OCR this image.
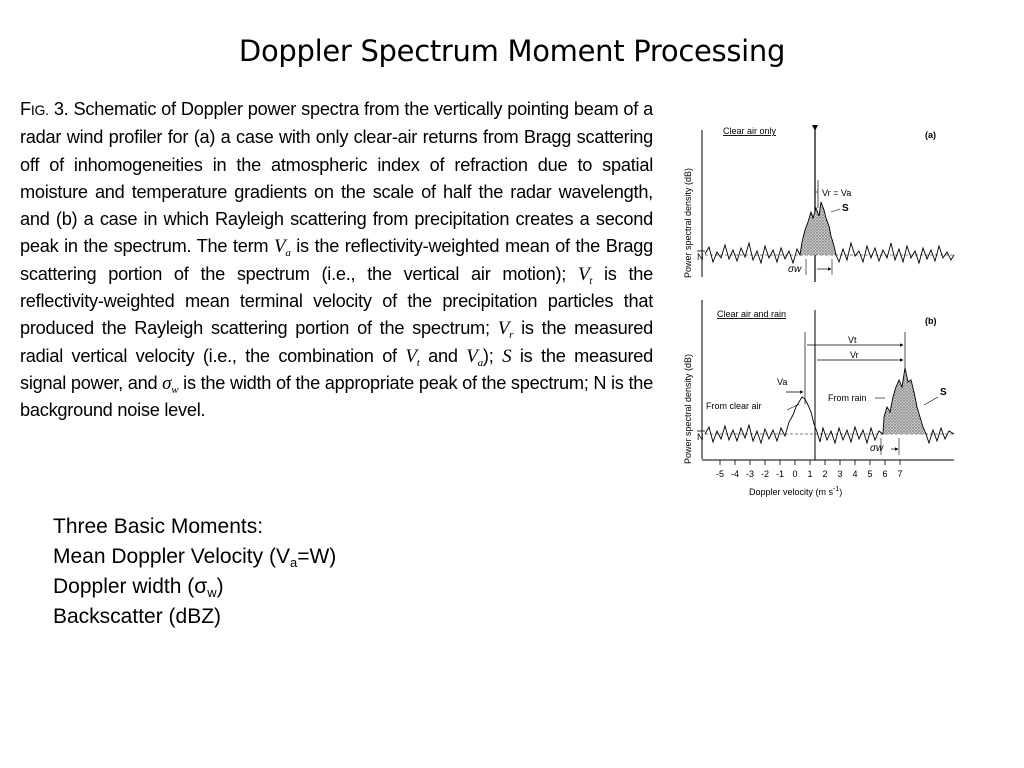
Doppler Spectrum Moment Processing
FIG. 3. Schematic of Doppler power spectra from the vertically pointing beam of a radar wind profiler for (a) a case with only clear-air returns from Bragg scattering off of inhomogeneities in the atmospheric index of refraction due to spatial moisture and temperature gradients on the scale of half the radar wavelength, and (b) a case in which Rayleigh scattering from precipitation creates a second peak in the spectrum. The term $V_a$ is the reflectivity-weighted mean of the Bragg scattering portion of the spectrum (i.e., the vertical air motion); $V_t$ is the reflectivity-weighted mean terminal velocity of the precipitation particles that produced the Rayleigh scattering portion of the spectrum; $V_r$ is the measured radial vertical velocity (i.e., the combination of $V_t$ and $V_a$); S is the measured signal power, and $\sigma_w$ is the width of the appropriate peak of the spectrum; N is the background noise level.
Three Basic Moments:
Mean Doppler Velocity $(V_a=W)$
Doppler width $(\sigma_w)$
Backscatter (dBZ)
Power spectral density (dB)
Clear air only	(a)
N
Vr = Va
S
σw
Power spectral density (dB)
Clear air and rain
(b)
N
Vt
Vr
Va
From clear air
From rain	S
σw
-5 -4 -3 -2 -1 0 1 2 3 4 5 6 7
Doppler velocity (m $s^{-1}$)
